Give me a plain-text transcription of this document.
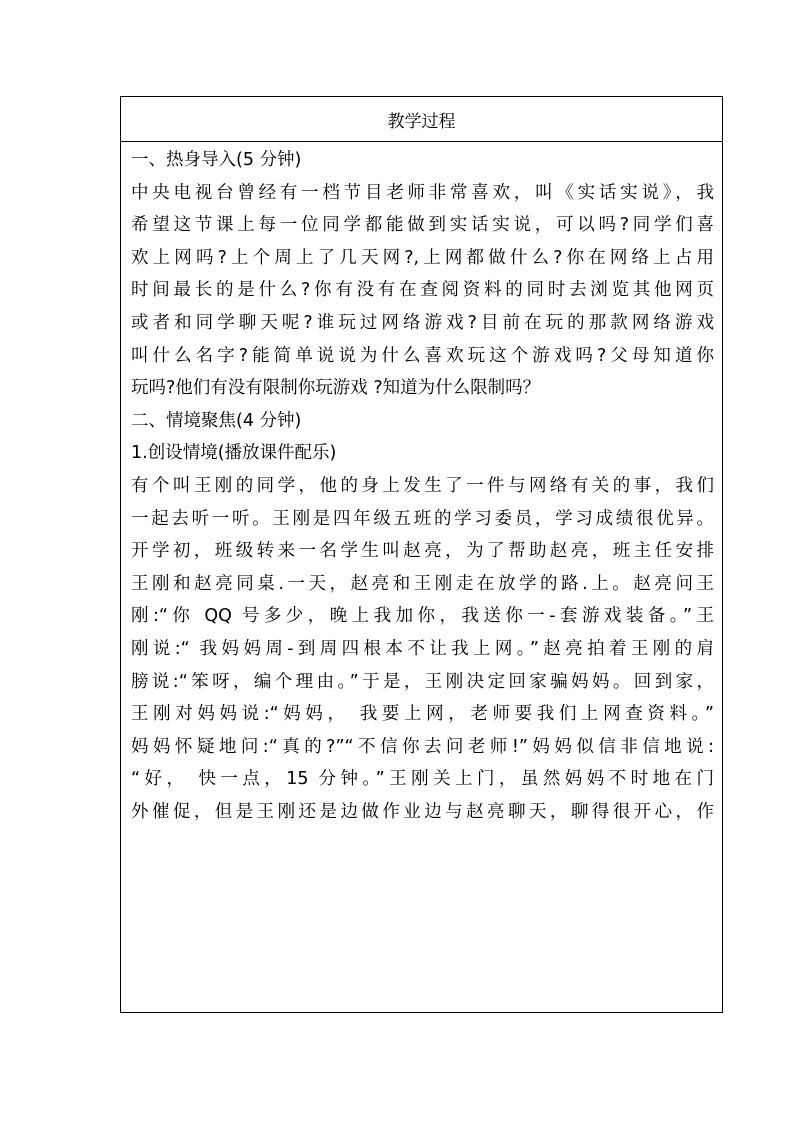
教学过程
一、热身导入(5 分钟)
中央电视台曾经有一档节目老师非常喜欢，叫《实话实说》，我
希望这节课上每一位同学都能做到实话实说，可以吗?同学们喜
欢上网吗?上个周上了几天网?,上网都做什么?你在网络上占用
时间最长的是什么?你有没有在查阅资料的同时去浏览其他网页
或者和同学聊天呢?谁玩过网络游戏?目前在玩的那款网络游戏
叫什么名字?能简单说说为什么喜欢玩这个游戏吗?父母知道你
玩吗?他们有没有限制你玩游戏 ?知道为什么限制吗？
二、情境聚焦(4 分钟)
1.创设情境(播放课件配乐)
有个叫王刚的同学，他的身上发生了一件与网络有关的事，我们
一起去听一听。王刚是四年级五班的学习委员，学习成绩很优异。
开学初，班级转来一名学生叫赵亮，为了帮助赵亮，班主任安排
王刚和赵亮同桌.一天，赵亮和王刚走在放学的路.上。赵亮问王
刚:“你 QQ 号多少，晚上我加你，我送你一-套游戏装备。”王
刚说:“ 我妈妈周-到周四根本不让我上网。”赵亮拍着王刚的肩
膀说:“笨呀，编个理由。”于是，王刚决定回家骗妈妈。回到家，
王刚对妈妈说:“妈妈， 我要上网，老师要我们上网查资料。”
妈妈怀疑地问:“真的?”“不信你去问老师!”妈妈似信非信地说:
“好， 快一点，15 分钟。”王刚关上门，虽然妈妈不时地在门
外催促，但是王刚还是边做作业边与赵亮聊天，聊得很开心，作
